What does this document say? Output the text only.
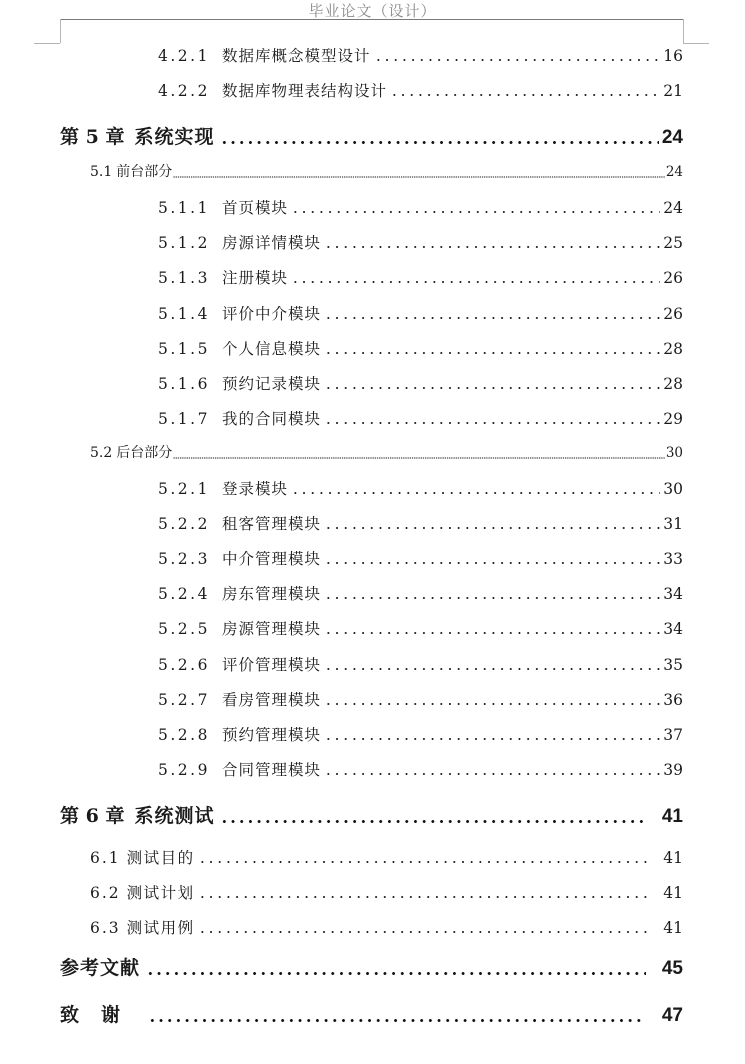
毕业论文（设计）
4.2.1 数据库概念模型设计	16
4.2.2 数据库物理表结构设计	21
第 5 章 系统实现	24
5.1 前台部分	24
5.1.1 首页模块	24
5.1.2 房源详情模块	25
5.1.3 注册模块	26
5.1.4 评价中介模块	26
5.1.5 个人信息模块	28
5.1.6 预约记录模块	28
5.1.7 我的合同模块	29
5.2 后台部分	30
5.2.1 登录模块	30
5.2.2 租客管理模块	31
5.2.3 中介管理模块	33
5.2.4 房东管理模块	34
5.2.5 房源管理模块	34
5.2.6 评价管理模块	35
5.2.7 看房管理模块	36
5.2.8 预约管理模块	37
5.2.9 合同管理模块	39
第 6 章 系统测试	41
6.1 测试目的	41
6.2 测试计划	41
6.3 测试用例	41
参考文献	45
致谢	47
